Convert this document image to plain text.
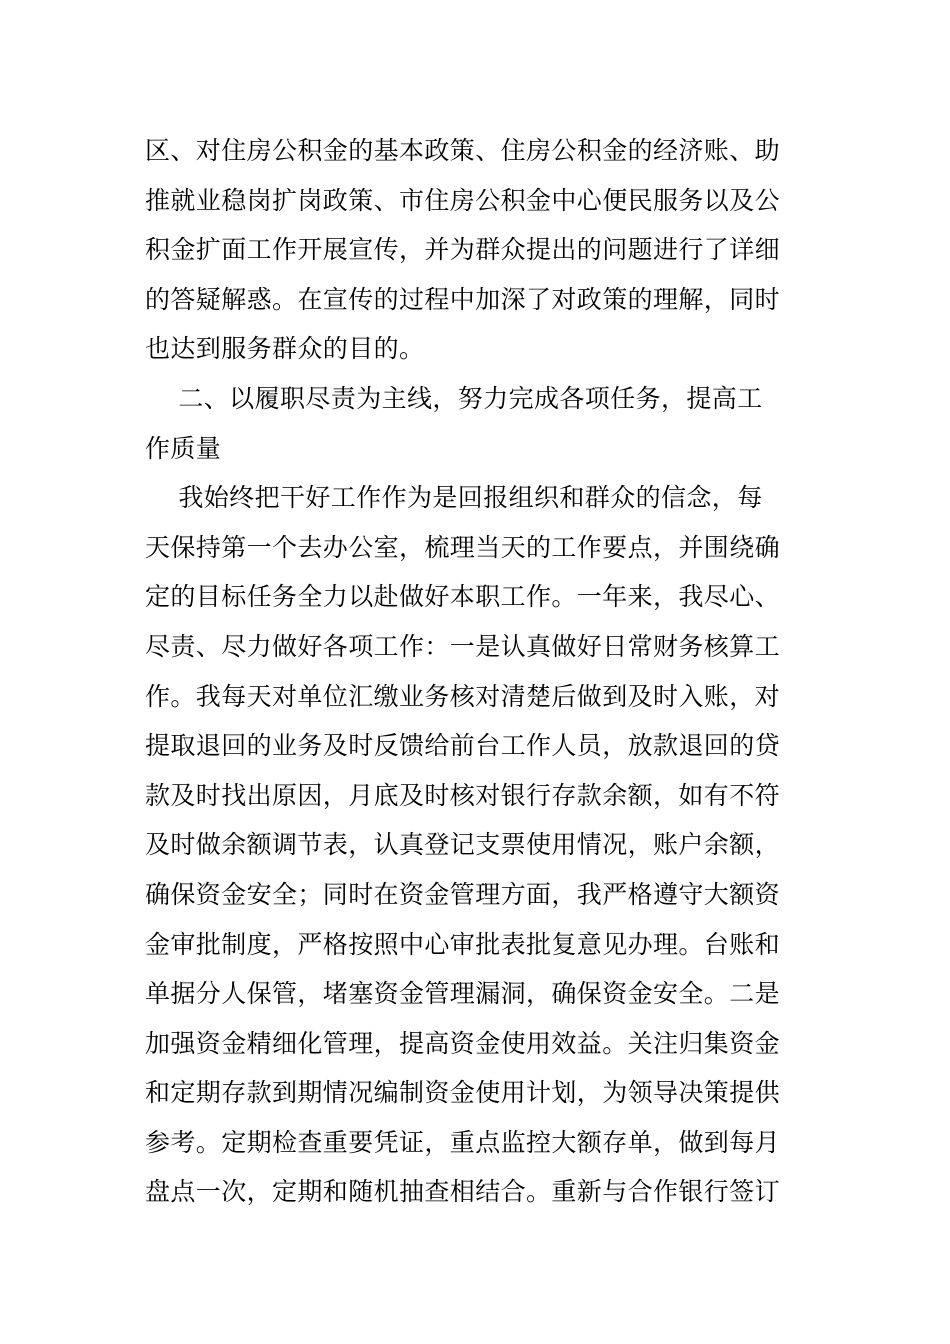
区、对住房公积金的基本政策、住房公积金的经济账、助
推就业稳岗扩岗政策、市住房公积金中心便民服务以及公
积金扩面工作开展宣传，并为群众提出的问题进行了详细
的答疑解惑。在宣传的过程中加深了对政策的理解，同时
也达到服务群众的目的。
二、以履职尽责为主线，努力完成各项任务，提高工
作质量
我始终把干好工作作为是回报组织和群众的信念，每
天保持第一个去办公室，梳理当天的工作要点，并围绕确
定的目标任务全力以赴做好本职工作。一年来，我尽心、
尽责、尽力做好各项工作：一是认真做好日常财务核算工
作。我每天对单位汇缴业务核对清楚后做到及时入账，对
提取退回的业务及时反馈给前台工作人员，放款退回的贷
款及时找出原因，月底及时核对银行存款余额，如有不符
及时做余额调节表，认真登记支票使用情况，账户余额，
确保资金安全；同时在资金管理方面，我严格遵守大额资
金审批制度，严格按照中心审批表批复意见办理。台账和
单据分人保管，堵塞资金管理漏洞，确保资金安全。二是
加强资金精细化管理，提高资金使用效益。关注归集资金
和定期存款到期情况编制资金使用计划，为领导决策提供
参考。定期检查重要凭证，重点监控大额存单，做到每月
盘点一次，定期和随机抽查相结合。重新与合作银行签订
